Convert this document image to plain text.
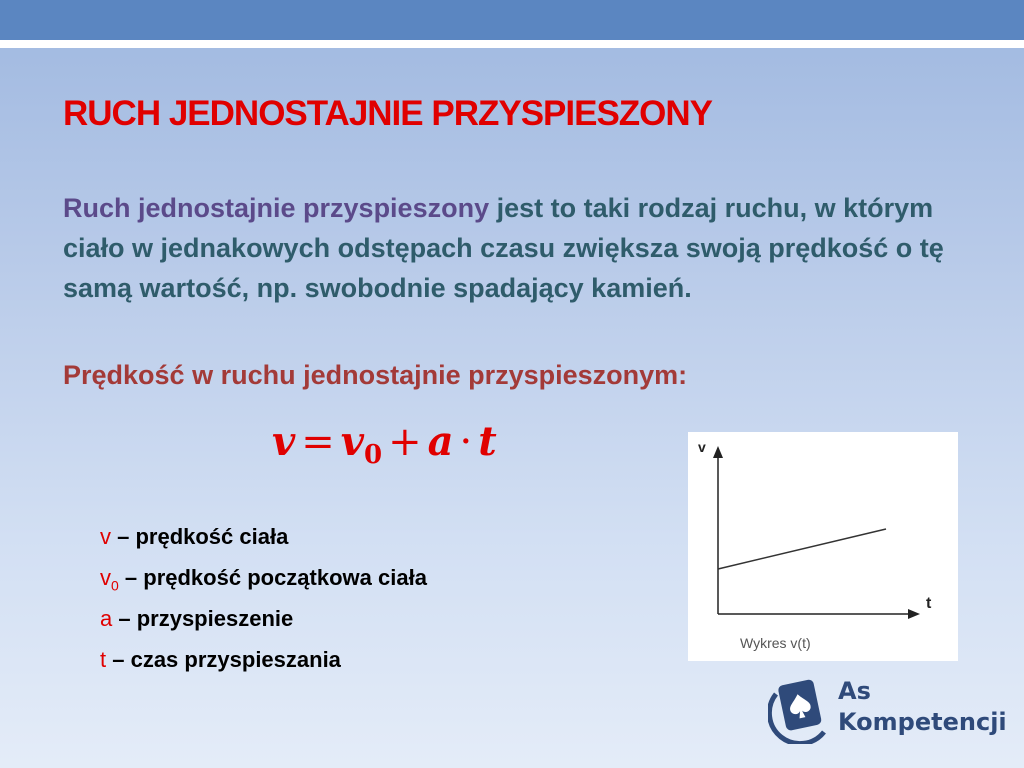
RUCH JEDNOSTAJNIE PRZYSPIESZONY
Ruch jednostajnie przyspieszony jest to taki rodzaj ruchu, w którym ciało w jednakowych odstępach czasu zwiększa swoją prędkość o tę samą wartość, np. swobodnie spadający kamień.
Prędkość w ruchu jednostajnie przyspieszonym:
$v = v_0 + a \cdot t$
v – prędkość ciała
$v_0$ – prędkość początkowa ciała
a – przyspieszenie
t – czas przyspieszania
v
t
Wykres v(t)
As
Kompetencji
